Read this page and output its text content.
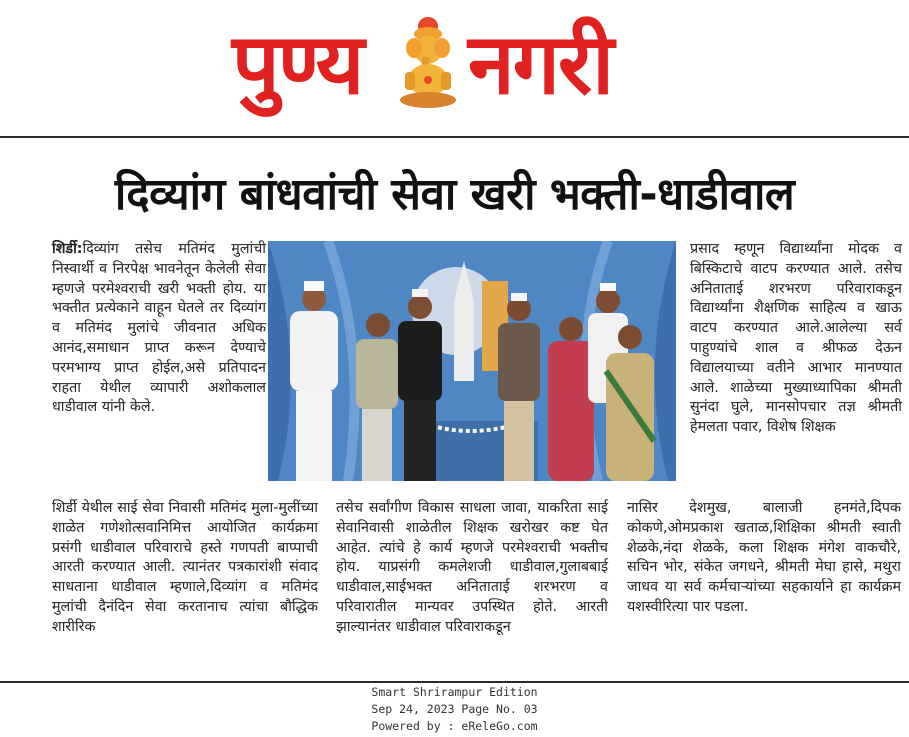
पुण्य नगरी
दिव्यांग बांधवांची सेवा खरी भक्ती-धाडीवाल

शिर्डी:दिव्यांग तसेच मतिमंद मुलांची निस्वार्थी व निरपेक्ष भावनेतून केलेली सेवा म्हणजे परमेश्वराची खरी भक्ती होय. या भक्तीत प्रत्येकाने वाहून घेतले तर दिव्यांग व मतिमंद मुलांचे जीवनात अधिक आनंद,समाधान प्राप्त करून देण्याचे परमभाग्य प्राप्त होईल,असे प्रतिपादन राहता येथील व्यापारी अशोकलाल धाडीवाल यांनी केले.

प्रसाद म्हणून विद्यार्थ्यांना मोदक व बिस्किटाचे वाटप करण्यात आले. तसेच अनिताताई शरभरण परिवाराकडून विद्यार्थ्यांना शैक्षणिक साहित्य व खाऊ वाटप करण्यात आले.आलेल्या सर्व पाहुण्यांचे शाल व श्रीफळ देऊन विद्यालयाच्या वतीने आभार मानण्यात आले. शाळेच्या मुख्याध्यापिका श्रीमती सुनंदा घुले, मानसोपचार तज्ञ श्रीमती हेमलता पवार, विशेष शिक्षक

शिर्डी येथील साई सेवा निवासी मतिमंद मुला-मुलींच्या शाळेत गणेशोत्सवानिमित्त आयोजित कार्यक्रमा प्रसंगी धाडीवाल परिवाराचे हस्ते गणपती बाप्पाची आरती करण्यात आली. त्यानंतर पत्रकारांशी संवाद साधताना धाडीवाल म्हणाले,दिव्यांग व मतिमंद मुलांची दैनंदिन सेवा करतानाच त्यांचा बौद्धिक शारीरिक

तसेच सर्वांगीण विकास साधला जावा, याकरिता साई सेवानिवासी शाळेतील शिक्षक खरोखर कष्ट घेत आहेत. त्यांचे हे कार्य म्हणजे परमेश्वराची भक्तीच होय. याप्रसंगी कमलेशजी धाडीवाल,गुलाबबाई धाडीवाल,साईभक्त अनिताताई शरभरण व परिवारातील मान्यवर उपस्थित होते. आरती झाल्यानंतर धाडीवाल परिवाराकडून

नासिर देशमुख, बालाजी हनमंते,दिपक कोकणे,ओमप्रकाश खताळ,शिक्षिका श्रीमती स्वाती शेळके,नंदा शेळके, कला शिक्षक मंगेश वाकचौरे, सचिन भोर, संकेत जगधने, श्रीमती मेघा हासे, मथुरा जाधव या सर्व कर्मचाऱ्यांच्या सहकार्याने हा कार्यक्रम यशस्वीरित्या पार पडला.

Smart Shrirampur Edition
Sep 24, 2023 Page No. 03
Powered by : eReleGo.com
